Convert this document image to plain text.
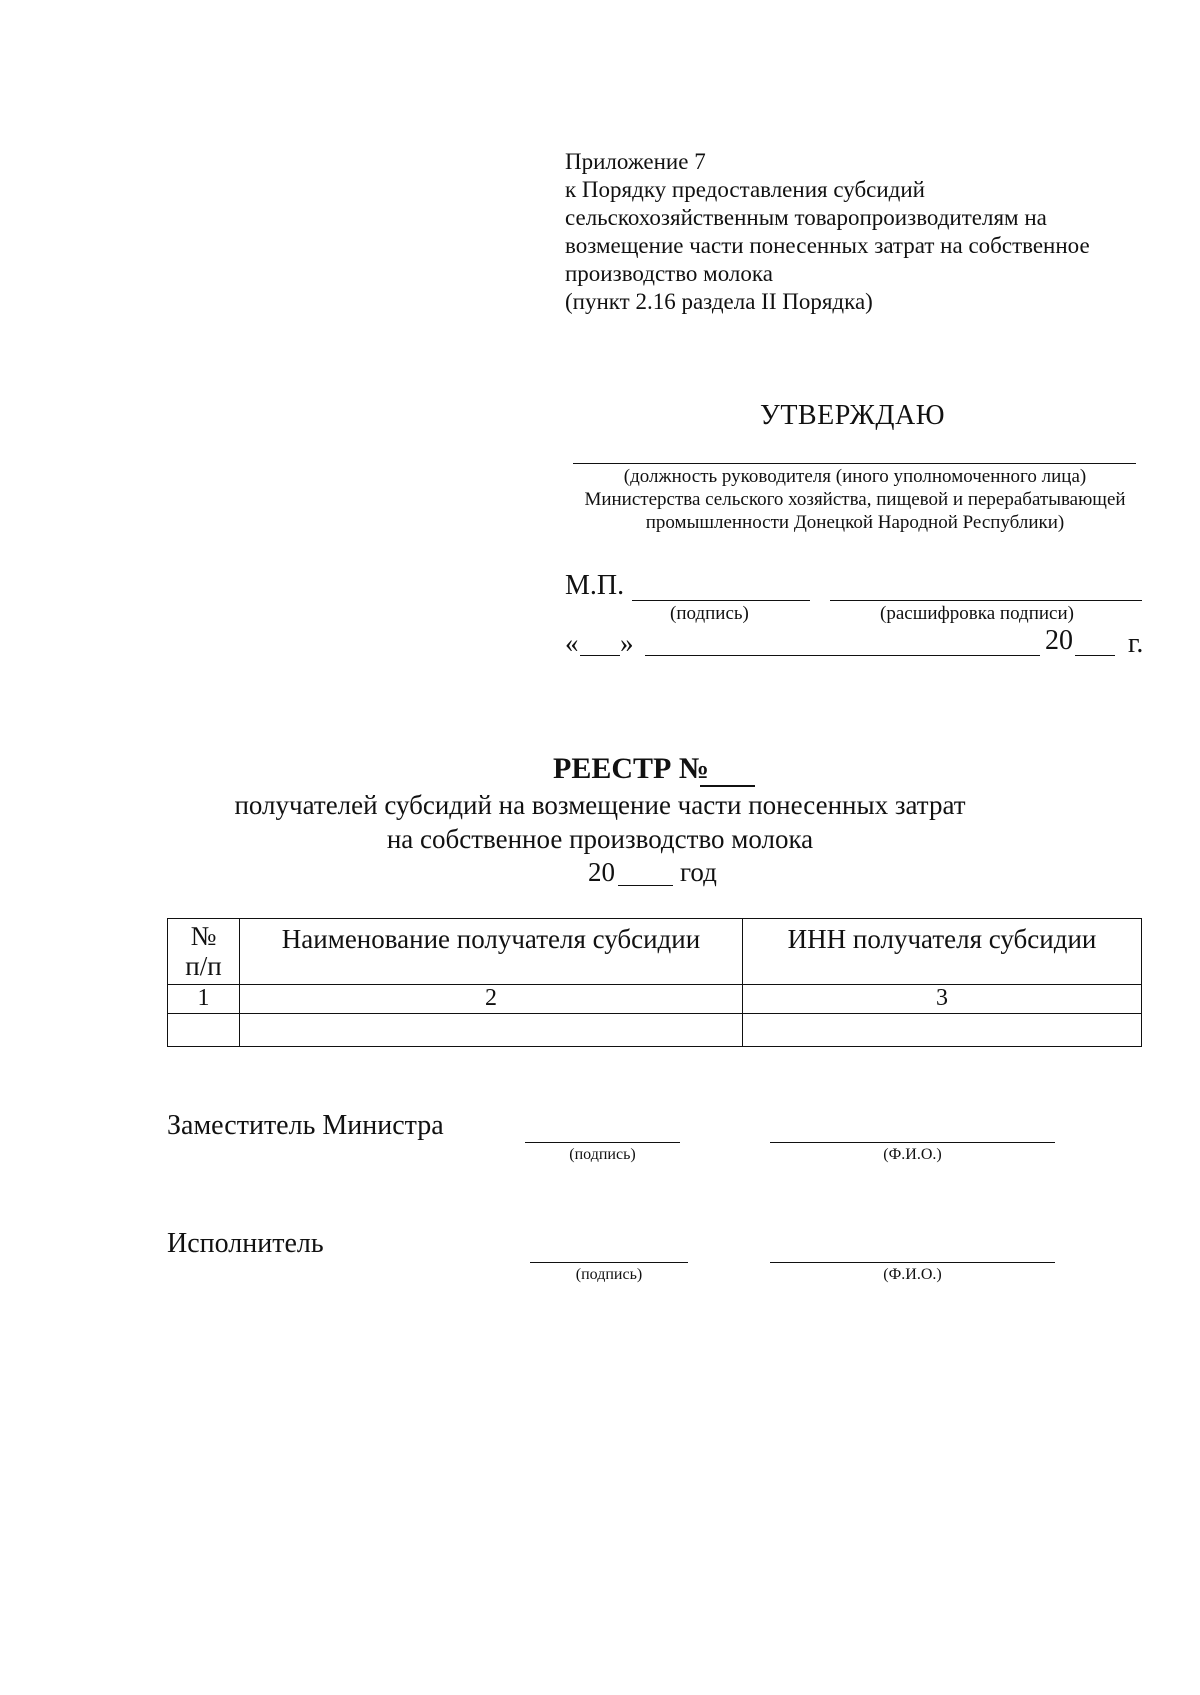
Приложение 7
к Порядку предоставления субсидий
сельскохозяйственным товаропроизводителям на
возмещение части понесенных затрат на собственное
производство молока
(пункт 2.16 раздела II Порядка)
УТВЕРЖДАЮ
(должность руководителя (иного уполномоченного лица)
Министерства сельского хозяйства, пищевой и перерабатывающей
промышленности Донецкой Народной Республики)
М.П.
(подпись)	(расшифровка подписи)
« »	20 г.
РЕЕСТР №
получателей субсидий на возмещение части понесенных затрат
на собственное производство молока
20 год
№
п/п	Наименование получателя субсидии	ИНН получателя субсидии
1	2	3

Заместитель Министра
(подпись)	(Ф.И.О.)
Исполнитель
(подпись)	(Ф.И.О.)
